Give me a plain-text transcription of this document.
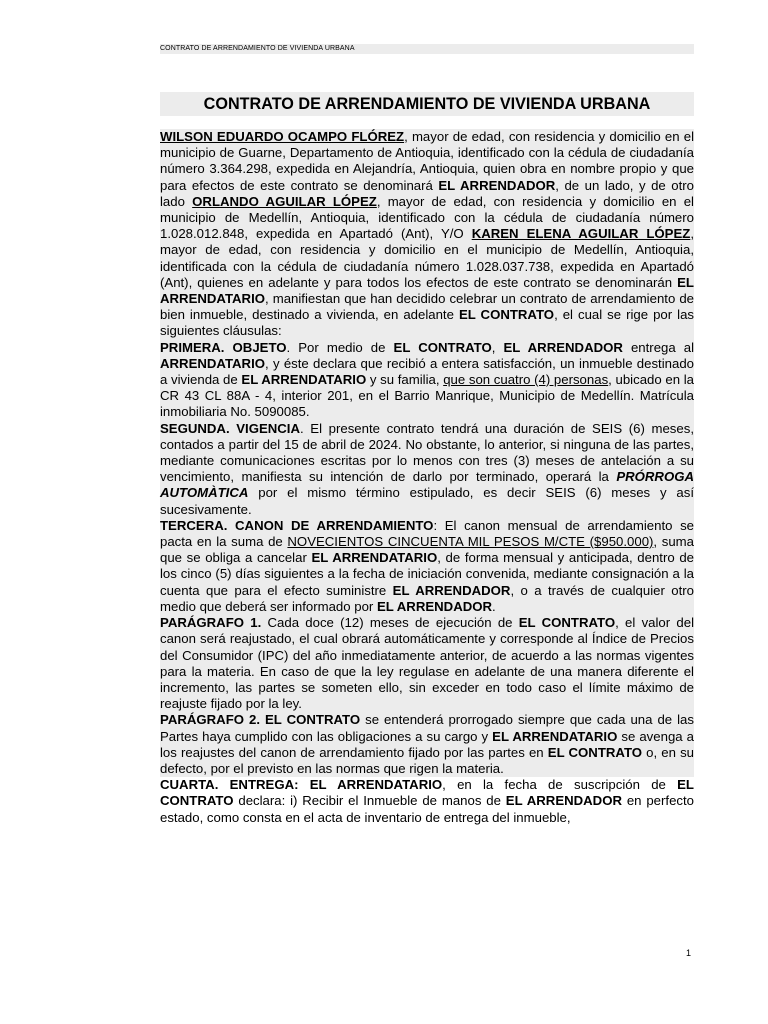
CONTRATO DE ARRENDAMIENTO DE VIVIENDA URBANA
CONTRATO DE ARRENDAMIENTO DE VIVIENDA URBANA

WILSON EDUARDO OCAMPO FLÓREZ, mayor de edad, con residencia y domicilio en el municipio de Guarne, Departamento de Antioquia, identificado con la cédula de ciudadanía número 3.364.298, expedida en Alejandría, Antioquia, quien obra en nombre propio y que para efectos de este contrato se denominará EL ARRENDADOR, de un lado, y de otro lado ORLANDO AGUILAR LÓPEZ, mayor de edad, con residencia y domicilio en el municipio de Medellín, Antioquia, identificado con la cédula de ciudadanía número 1.028.012.848, expedida en Apartadó (Ant), Y/O KAREN ELENA AGUILAR LÓPEZ, mayor de edad, con residencia y domicilio en el municipio de Medellín, Antioquia, identificada con la cédula de ciudadanía número 1.028.037.738, expedida en Apartadó (Ant), quienes en adelante y para todos los efectos de este contrato se denominarán EL ARRENDATARIO, manifiestan que han decidido celebrar un contrato de arrendamiento de bien inmueble, destinado a vivienda, en adelante EL CONTRATO, el cual se rige por las siguientes cláusulas:

PRIMERA. OBJETO. Por medio de EL CONTRATO, EL ARRENDADOR entrega al ARRENDATARIO, y éste declara que recibió a entera satisfacción, un inmueble destinado a vivienda de EL ARRENDATARIO y su familia, que son cuatro (4) personas, ubicado en la CR 43 CL 88A - 4, interior 201, en el Barrio Manrique, Municipio de Medellín. Matrícula inmobiliaria No. 5090085.

SEGUNDA. VIGENCIA. El presente contrato tendrá una duración de SEIS (6) meses, contados a partir del 15 de abril de 2024. No obstante, lo anterior, si ninguna de las partes, mediante comunicaciones escritas por lo menos con tres (3) meses de antelación a su vencimiento, manifiesta su intención de darlo por terminado, operará la PRÓRROGA AUTOMÀTICA por el mismo término estipulado, es decir SEIS (6) meses y así sucesivamente.

TERCERA. CANON DE ARRENDAMIENTO: El canon mensual de arrendamiento se pacta en la suma de NOVECIENTOS CINCUENTA MIL PESOS M/CTE ($950.000), suma que se obliga a cancelar EL ARRENDATARIO, de forma mensual y anticipada, dentro de los cinco (5) días siguientes a la fecha de iniciación convenida, mediante consignación a la cuenta que para el efecto suministre EL ARRENDADOR, o a través de cualquier otro medio que deberá ser informado por EL ARRENDADOR.

PARÁGRAFO 1. Cada doce (12) meses de ejecución de EL CONTRATO, el valor del canon será reajustado, el cual obrará automáticamente y corresponde al Índice de Precios del Consumidor (IPC) del año inmediatamente anterior, de acuerdo a las normas vigentes para la materia. En caso de que la ley regulase en adelante de una manera diferente el incremento, las partes se someten ello, sin exceder en todo caso el límite máximo de reajuste fijado por la ley.

PARÁGRAFO 2. EL CONTRATO se entenderá prorrogado siempre que cada una de las Partes haya cumplido con las obligaciones a su cargo y EL ARRENDATARIO se avenga a los reajustes del canon de arrendamiento fijado por las partes en EL CONTRATO o, en su defecto, por el previsto en las normas que rigen la materia.

CUARTA. ENTREGA: EL ARRENDATARIO, en la fecha de suscripción de EL CONTRATO declara: i) Recibir el Inmueble de manos de EL ARRENDADOR en perfecto estado, como consta en el acta de inventario de entrega del inmueble,

1
